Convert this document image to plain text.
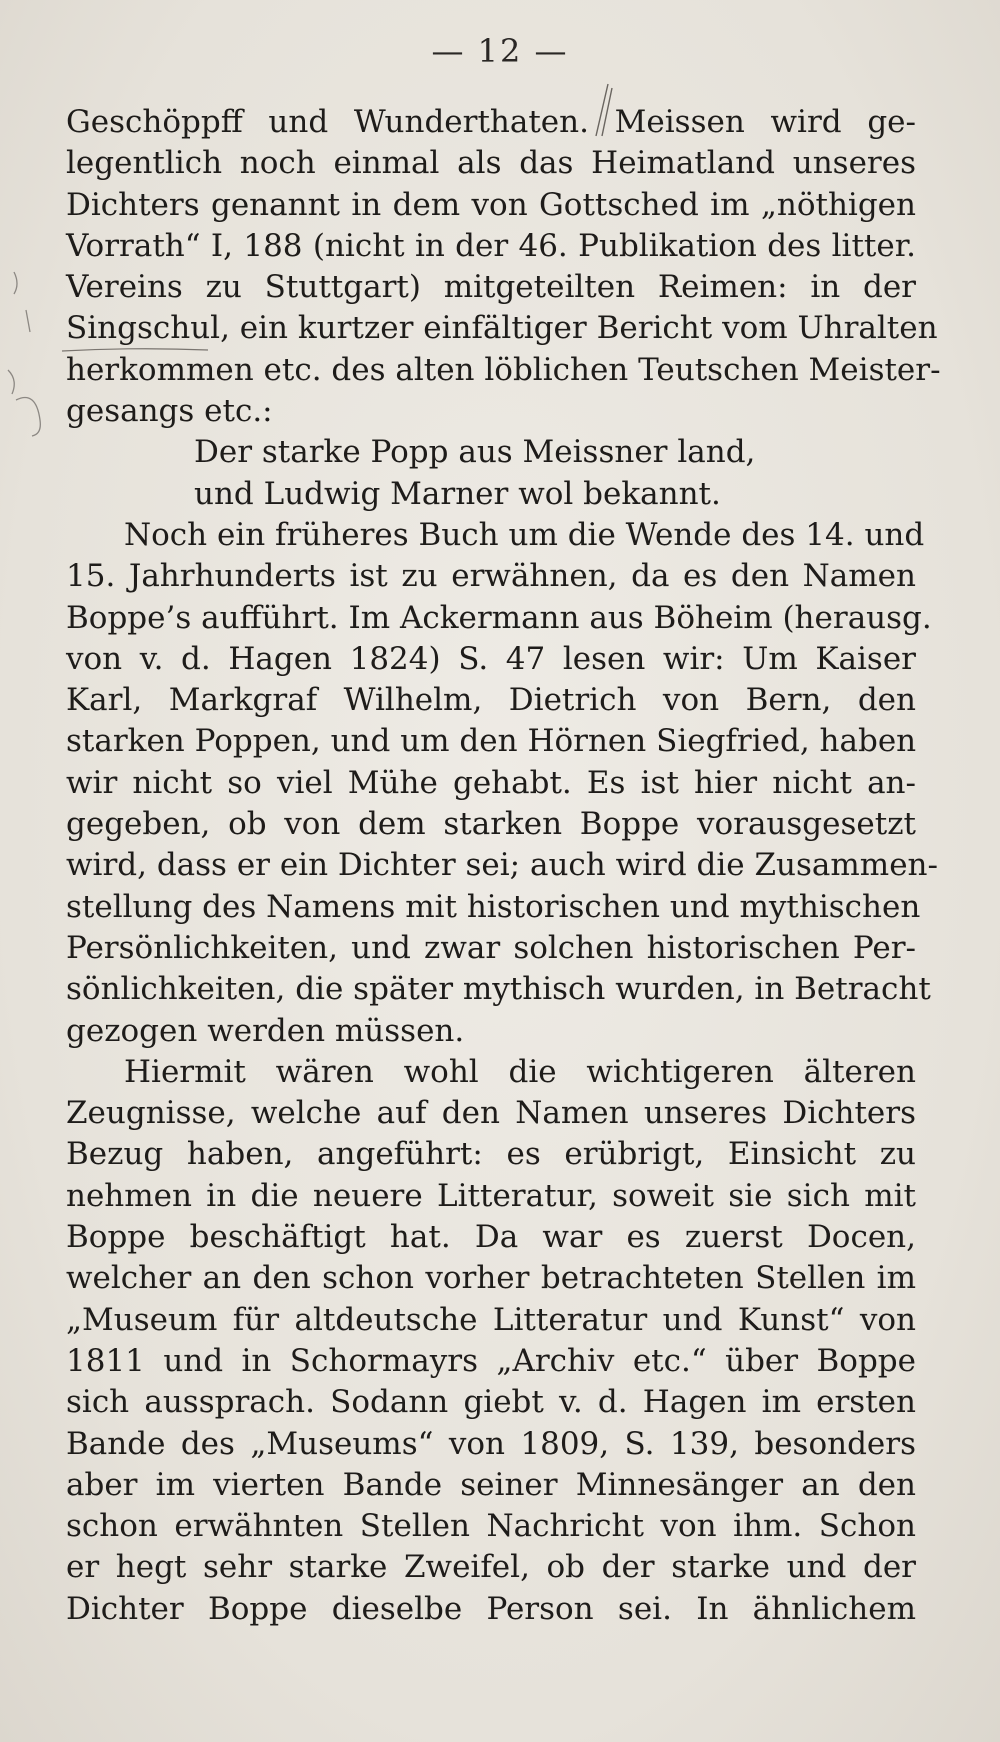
— 12 —
Geschöppff und Wunderthaten. Meissen wird ge-
legentlich noch einmal als das Heimatland unseres
Dichters genannt in dem von Gottsched im „nöthigen
Vorrath“ I, 188 (nicht in der 46. Publikation des litter.
Vereins zu Stuttgart) mitgeteilten Reimen: in der
Singschul, ein kurtzer einfältiger Bericht vom Uhralten
herkommen etc. des alten löblichen Teutschen Meister-
gesangs etc.:
Der starke Popp aus Meissner land,
und Ludwig Marner wol bekannt.
Noch ein früheres Buch um die Wende des 14. und
15. Jahrhunderts ist zu erwähnen, da es den Namen
Boppe’s aufführt. Im Ackermann aus Böheim (herausg.
von v. d. Hagen 1824) S. 47 lesen wir: Um Kaiser
Karl, Markgraf Wilhelm, Dietrich von Bern, den
starken Poppen, und um den Hörnen Siegfried, haben
wir nicht so viel Mühe gehabt. Es ist hier nicht an-
gegeben, ob von dem starken Boppe vorausgesetzt
wird, dass er ein Dichter sei; auch wird die Zusammen-
stellung des Namens mit historischen und mythischen
Persönlichkeiten, und zwar solchen historischen Per-
sönlichkeiten, die später mythisch wurden, in Betracht
gezogen werden müssen.
Hiermit wären wohl die wichtigeren älteren
Zeugnisse, welche auf den Namen unseres Dichters
Bezug haben, angeführt: es erübrigt, Einsicht zu
nehmen in die neuere Litteratur, soweit sie sich mit
Boppe beschäftigt hat. Da war es zuerst Docen,
welcher an den schon vorher betrachteten Stellen im
„Museum für altdeutsche Litteratur und Kunst“ von
1811 und in Schormayrs „Archiv etc.“ über Boppe
sich aussprach. Sodann giebt v. d. Hagen im ersten
Bande des „Museums“ von 1809, S. 139, besonders
aber im vierten Bande seiner Minnesänger an den
schon erwähnten Stellen Nachricht von ihm. Schon
er hegt sehr starke Zweifel, ob der starke und der
Dichter Boppe dieselbe Person sei. In ähnlichem
